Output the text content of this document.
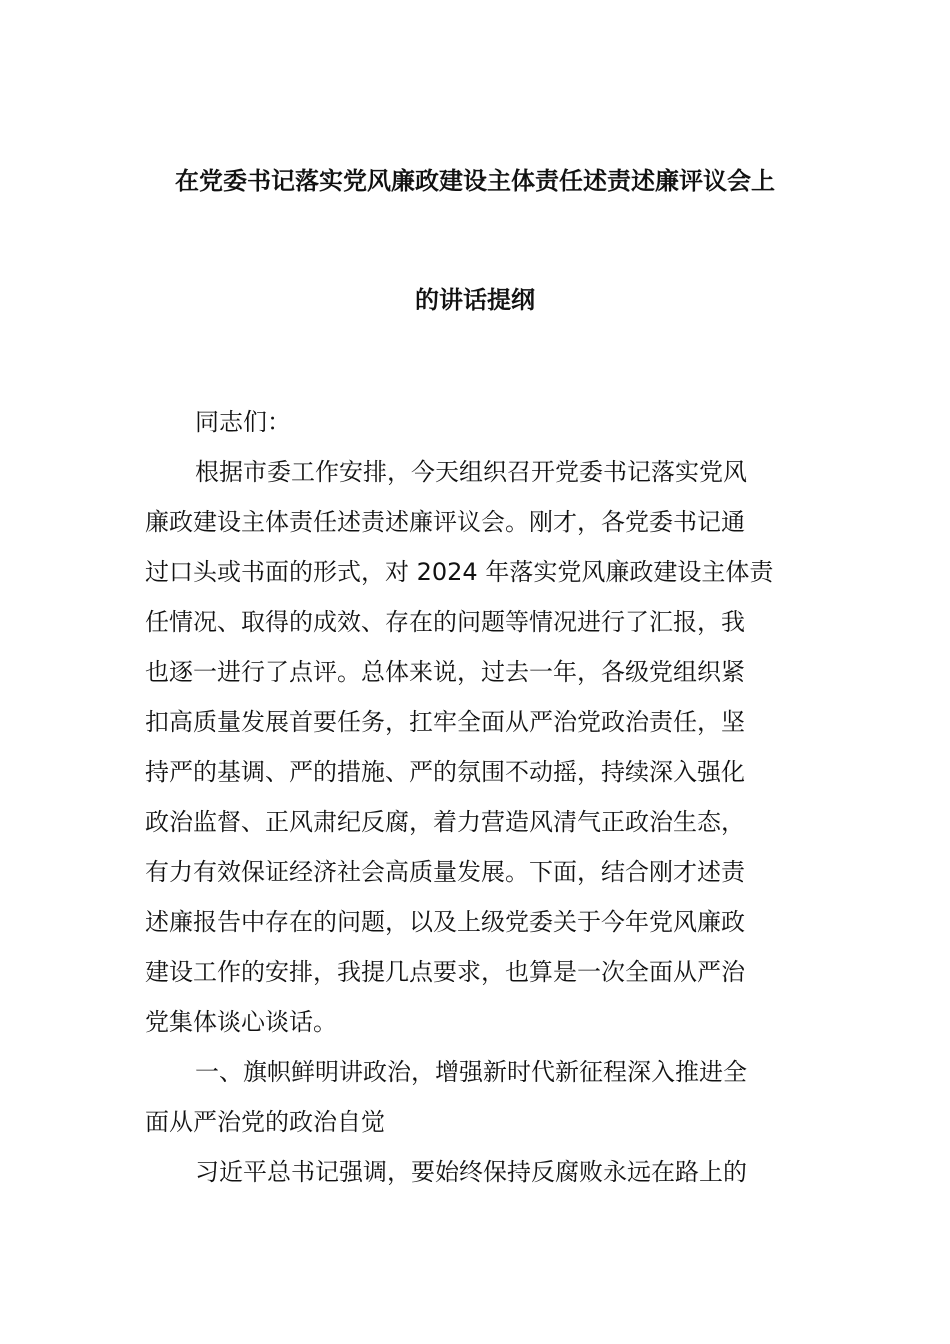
在党委书记落实党风廉政建设主体责任述责述廉评议会上
的讲话提纲

同志们：

根据市委工作安排，今天组织召开党委书记落实党风

廉政建设主体责任述责述廉评议会。刚才，各党委书记通

过口头或书面的形式，对 2024 年落实党风廉政建设主体责

任情况、取得的成效、存在的问题等情况进行了汇报，我

也逐一进行了点评。总体来说，过去一年，各级党组织紧

扣高质量发展首要任务，扛牢全面从严治党政治责任，坚

持严的基调、严的措施、严的氛围不动摇，持续深入强化

政治监督、正风肃纪反腐，着力营造风清气正政治生态，

有力有效保证经济社会高质量发展。下面，结合刚才述责

述廉报告中存在的问题，以及上级党委关于今年党风廉政

建设工作的安排，我提几点要求，也算是一次全面从严治

党集体谈心谈话。

一、旗帜鲜明讲政治，增强新时代新征程深入推进全

面从严治党的政治自觉

习近平总书记强调，要始终保持反腐败永远在路上的
